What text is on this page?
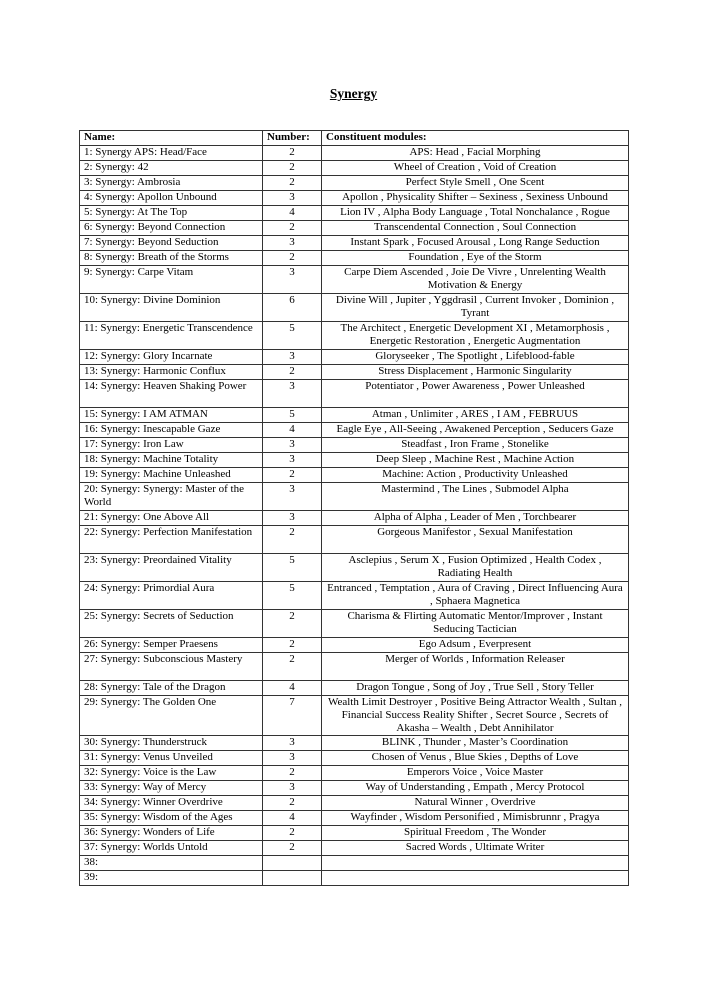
Synergy
Name:	Number:	Constituent modules:
1: Synergy APS: Head/Face	2	APS: Head , Facial Morphing
2: Synergy: 42	2	Wheel of Creation , Void of Creation
3: Synergy: Ambrosia	2	Perfect Style Smell , One Scent
4: Synergy: Apollon Unbound	3	Apollon , Physicality Shifter – Sexiness , Sexiness Unbound
5: Synergy: At The Top	4	Lion IV , Alpha Body Language , Total Nonchalance , Rogue
6: Synergy: Beyond Connection	2	Transcendental Connection , Soul Connection
7: Synergy: Beyond Seduction	3	Instant Spark , Focused Arousal , Long Range Seduction
8: Synergy: Breath of the Storms	2	Foundation , Eye of the Storm
9: Synergy: Carpe Vitam	3	Carpe Diem Ascended , Joie De Vivre , Unrelenting Wealth Motivation & Energy
10: Synergy: Divine Dominion	6	Divine Will , Jupiter , Yggdrasil , Current Invoker , Dominion , Tyrant
11: Synergy: Energetic Transcendence	5	The Architect , Energetic Development XI , Metamorphosis , Energetic Restoration , Energetic Augmentation
12: Synergy: Glory Incarnate	3	Gloryseeker , The Spotlight , Lifeblood-fable
13: Synergy: Harmonic Conflux	2	Stress Displacement , Harmonic Singularity
14: Synergy: Heaven Shaking Power	3	Potentiator , Power Awareness , Power Unleashed
15: Synergy: I AM ATMAN	5	Atman , Unlimiter , ARES , I AM , FEBRUUS
16: Synergy: Inescapable Gaze	4	Eagle Eye , All-Seeing , Awakened Perception , Seducers Gaze
17: Synergy: Iron Law	3	Steadfast , Iron Frame , Stonelike
18: Synergy: Machine Totality	3	Deep Sleep , Machine Rest , Machine Action
19: Synergy: Machine Unleashed	2	Machine: Action , Productivity Unleashed
20: Synergy: Synergy: Master of the World	3	Mastermind , The Lines , Submodel Alpha
21: Synergy: One Above All	3	Alpha of Alpha , Leader of Men , Torchbearer
22: Synergy: Perfection Manifestation	2	Gorgeous Manifestor , Sexual Manifestation
23: Synergy: Preordained Vitality	5	Asclepius , Serum X , Fusion Optimized , Health Codex , Radiating Health
24: Synergy: Primordial Aura	5	Entranced , Temptation , Aura of Craving , Direct Influencing Aura , Sphaera Magnetica
25: Synergy: Secrets of Seduction	2	Charisma & Flirting Automatic Mentor/Improver , Instant Seducing Tactician
26: Synergy: Semper Praesens	2	Ego Adsum , Everpresent
27: Synergy: Subconscious Mastery	2	Merger of Worlds , Information Releaser
28: Synergy: Tale of the Dragon	4	Dragon Tongue , Song of Joy , True Sell , Story Teller
29: Synergy: The Golden One	7	Wealth Limit Destroyer , Positive Being Attractor Wealth , Sultan , Financial Success Reality Shifter , Secret Source , Secrets of Akasha – Wealth , Debt Annihilator
30: Synergy: Thunderstruck	3	BLINK , Thunder , Master’s Coordination
31: Synergy: Venus Unveiled	3	Chosen of Venus , Blue Skies , Depths of Love
32: Synergy: Voice is the Law	2	Emperors Voice , Voice Master
33: Synergy: Way of Mercy	3	Way of Understanding , Empath , Mercy Protocol
34: Synergy: Winner Overdrive	2	Natural Winner , Overdrive
35: Synergy: Wisdom of the Ages	4	Wayfinder , Wisdom Personified , Mimisbrunnr , Pragya
36: Synergy: Wonders of Life	2	Spiritual Freedom , The Wonder
37: Synergy: Worlds Untold	2	Sacred Words , Ultimate Writer
38:		
39:		
